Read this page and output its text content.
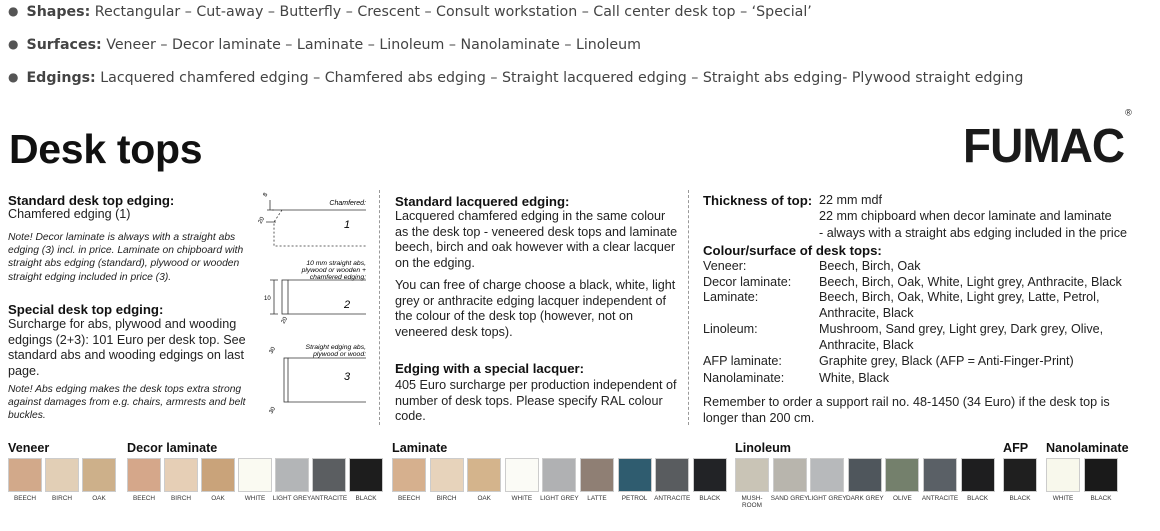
● Shapes: Rectangular – Cut-away – Butterfly – Crescent – Consult workstation – Call center desk top – ‘Special’
● Surfaces: Veneer – Decor laminate – Laminate – Linoleum – Nanolaminate – Linoleum
● Edgings: Lacquered chamfered edging – Chamfered abs edging – Straight lacquered edging – Straight abs edging- Plywood straight edging
Desk tops	FUMAC®
Standard desk top edging:
Chamfered edging (1)
Note! Decor laminate is always with a straight abs edging (3) incl. in price. Laminate on chipboard with straight abs edging (standard), plywood or wooden straight edging included in price (3).
Special desk top edging:
Surcharge for abs, plywood and wooding edgings (2+3): 101 Euro per desk top. See standard abs and wooding edgings on last page.
Note! Abs edging makes the desk tops extra strong against damages from e.g. chairs, armrests and belt buckles.
Chamfered:
1
8
20
10 mm straight abs,
plywood or wooden +
chamfered edging:
2
10
20
Straight edging abs,
plywood or wood:
3
30
30
Standard lacquered edging:
Lacquered chamfered edging in the same colour as the desk top - veneered desk tops and laminate beech, birch and oak however with a clear lacquer on the edging.
You can free of charge choose a black, white, light grey or anthracite edging lacquer independent of the colour of the desk top (however, not on veneered desk tops).
Edging with a special lacquer:
405 Euro surcharge per production independent of number of desk tops. Please specify RAL colour code.
Thickness of top: 22 mm mdf
22 mm chipboard when decor laminate and laminate
- always with a straight abs edging included in the price
Colour/surface of desk tops:
Veneer:	Beech, Birch, Oak
Decor laminate: Beech, Birch, Oak, White, Light grey, Anthracite, Black
Laminate:	Beech, Birch, Oak, White, Light grey, Latte, Petrol,
Anthracite, Black
Linoleum:	Mushroom, Sand grey, Light grey, Dark grey, Olive,
Anthracite, Black
AFP laminate:	Graphite grey, Black (AFP = Anti-Finger-Print)
Nanolaminate:	White, Black
Remember to order a support rail no. 48-1450 (34 Euro) if the desk top is longer than 200 cm.
Veneer
BEECH	BIRCH	OAK
Decor laminate
BEECH	BIRCH	OAK	WHITE	LIGHT GREY ANTRACITE	BLACK
Laminate
BEECH	BIRCH	OAK	WHITE	LIGHT GREY	LATTE	PETROL	ANTRACITE	BLACK
Linoleum
MUSH-ROOM
SAND GREY LIGHT GREY DARK GREY	OLIVE	ANTRACITE	BLACK
AFP
BLACK
Nanolaminate
WHITE	BLACK
